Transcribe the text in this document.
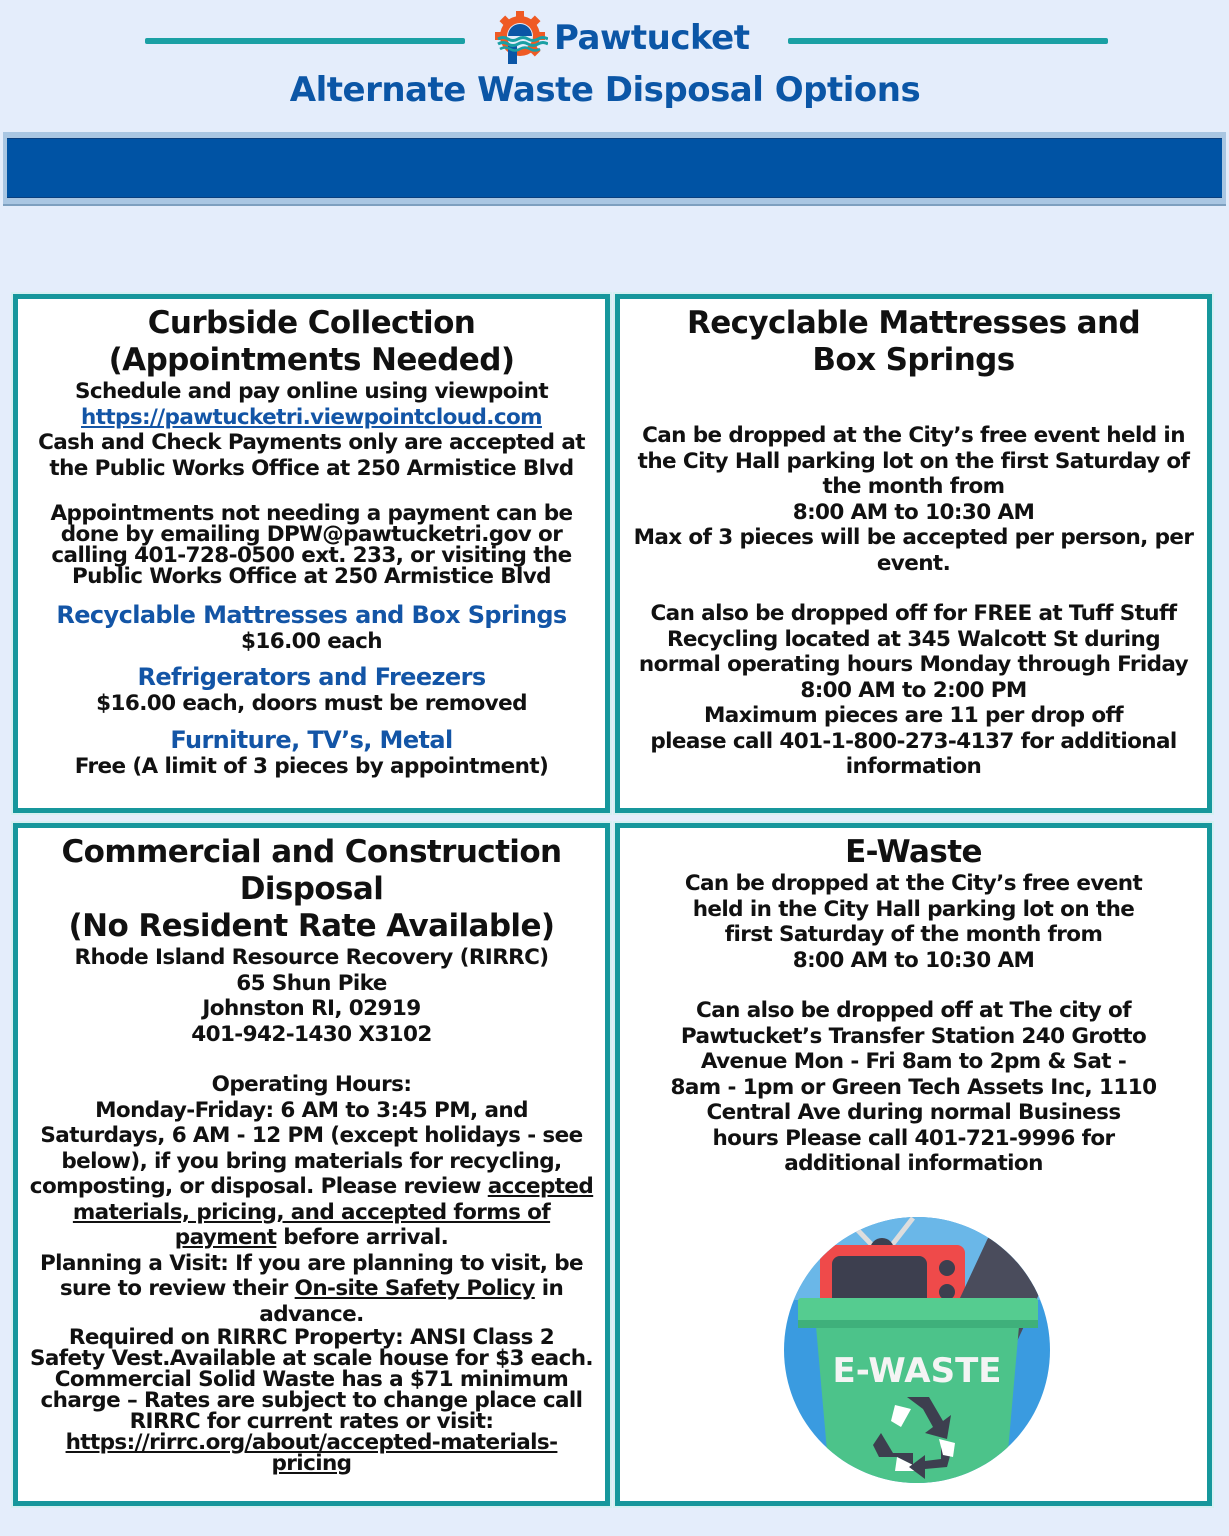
Pawtucket
Alternate Waste Disposal Options
Curbside Collection
(Appointments Needed)

Schedule and pay online using viewpoint

https://pawtucketri.viewpointcloud.com

Cash and Check Payments only are accepted at

the Public Works Office at 250 Armistice Blvd

Appointments not needing a payment can be

done by emailing DPW@pawtucketri.gov or

calling 401-728-0500 ext. 233, or visiting the

Public Works Office at 250 Armistice Blvd

Recyclable Mattresses and Box Springs

$16.00 each

Refrigerators and Freezers

$16.00 each, doors must be removed

Furniture, TV’s, Metal

Free (A limit of 3 pieces by appointment)

Recyclable Mattresses and
Box Springs

Can be dropped at the City’s free event held in

the City Hall parking lot on the first Saturday of

the month from

8:00 AM to 10:30 AM

Max of 3 pieces will be accepted per person, per

event.

Can also be dropped off for FREE at Tuff Stuff

Recycling located at 345 Walcott St during

normal operating hours Monday through Friday

8:00 AM to 2:00 PM

Maximum pieces are 11 per drop off

please call 401-1-800-273-4137 for additional

information

Commercial and Construction
Disposal
(No Resident Rate Available)

Rhode Island Resource Recovery (RIRRC)

65 Shun Pike

Johnston RI, 02919

401-942-1430 X3102

Operating Hours:

Monday-Friday: 6 AM to 3:45 PM, and

Saturdays, 6 AM - 12 PM (except holidays - see

below), if you bring materials for recycling,

composting, or disposal. Please review accepted

materials, pricing, and accepted forms of

payment before arrival.

Planning a Visit: If you are planning to visit, be

sure to review their On-site Safety Policy in

advance.

Required on RIRRC Property: ANSI Class 2

Safety Vest.Available at scale house for $3 each.

Commercial Solid Waste has a $71 minimum

charge – Rates are subject to change place call

RIRRC for current rates or visit:

https://rirrc.org/about/accepted-materials-

pricing

E-Waste

Can be dropped at the City’s free event

held in the City Hall parking lot on the

first Saturday of the month from

8:00 AM to 10:30 AM

Can also be dropped off at The city of

Pawtucket’s Transfer Station 240 Grotto

Avenue Mon - Fri 8am to 2pm & Sat -

8am - 1pm or Green Tech Assets Inc, 1110

Central Ave during normal Business

hours Please call 401-721-9996 for

additional information

E-WASTE
